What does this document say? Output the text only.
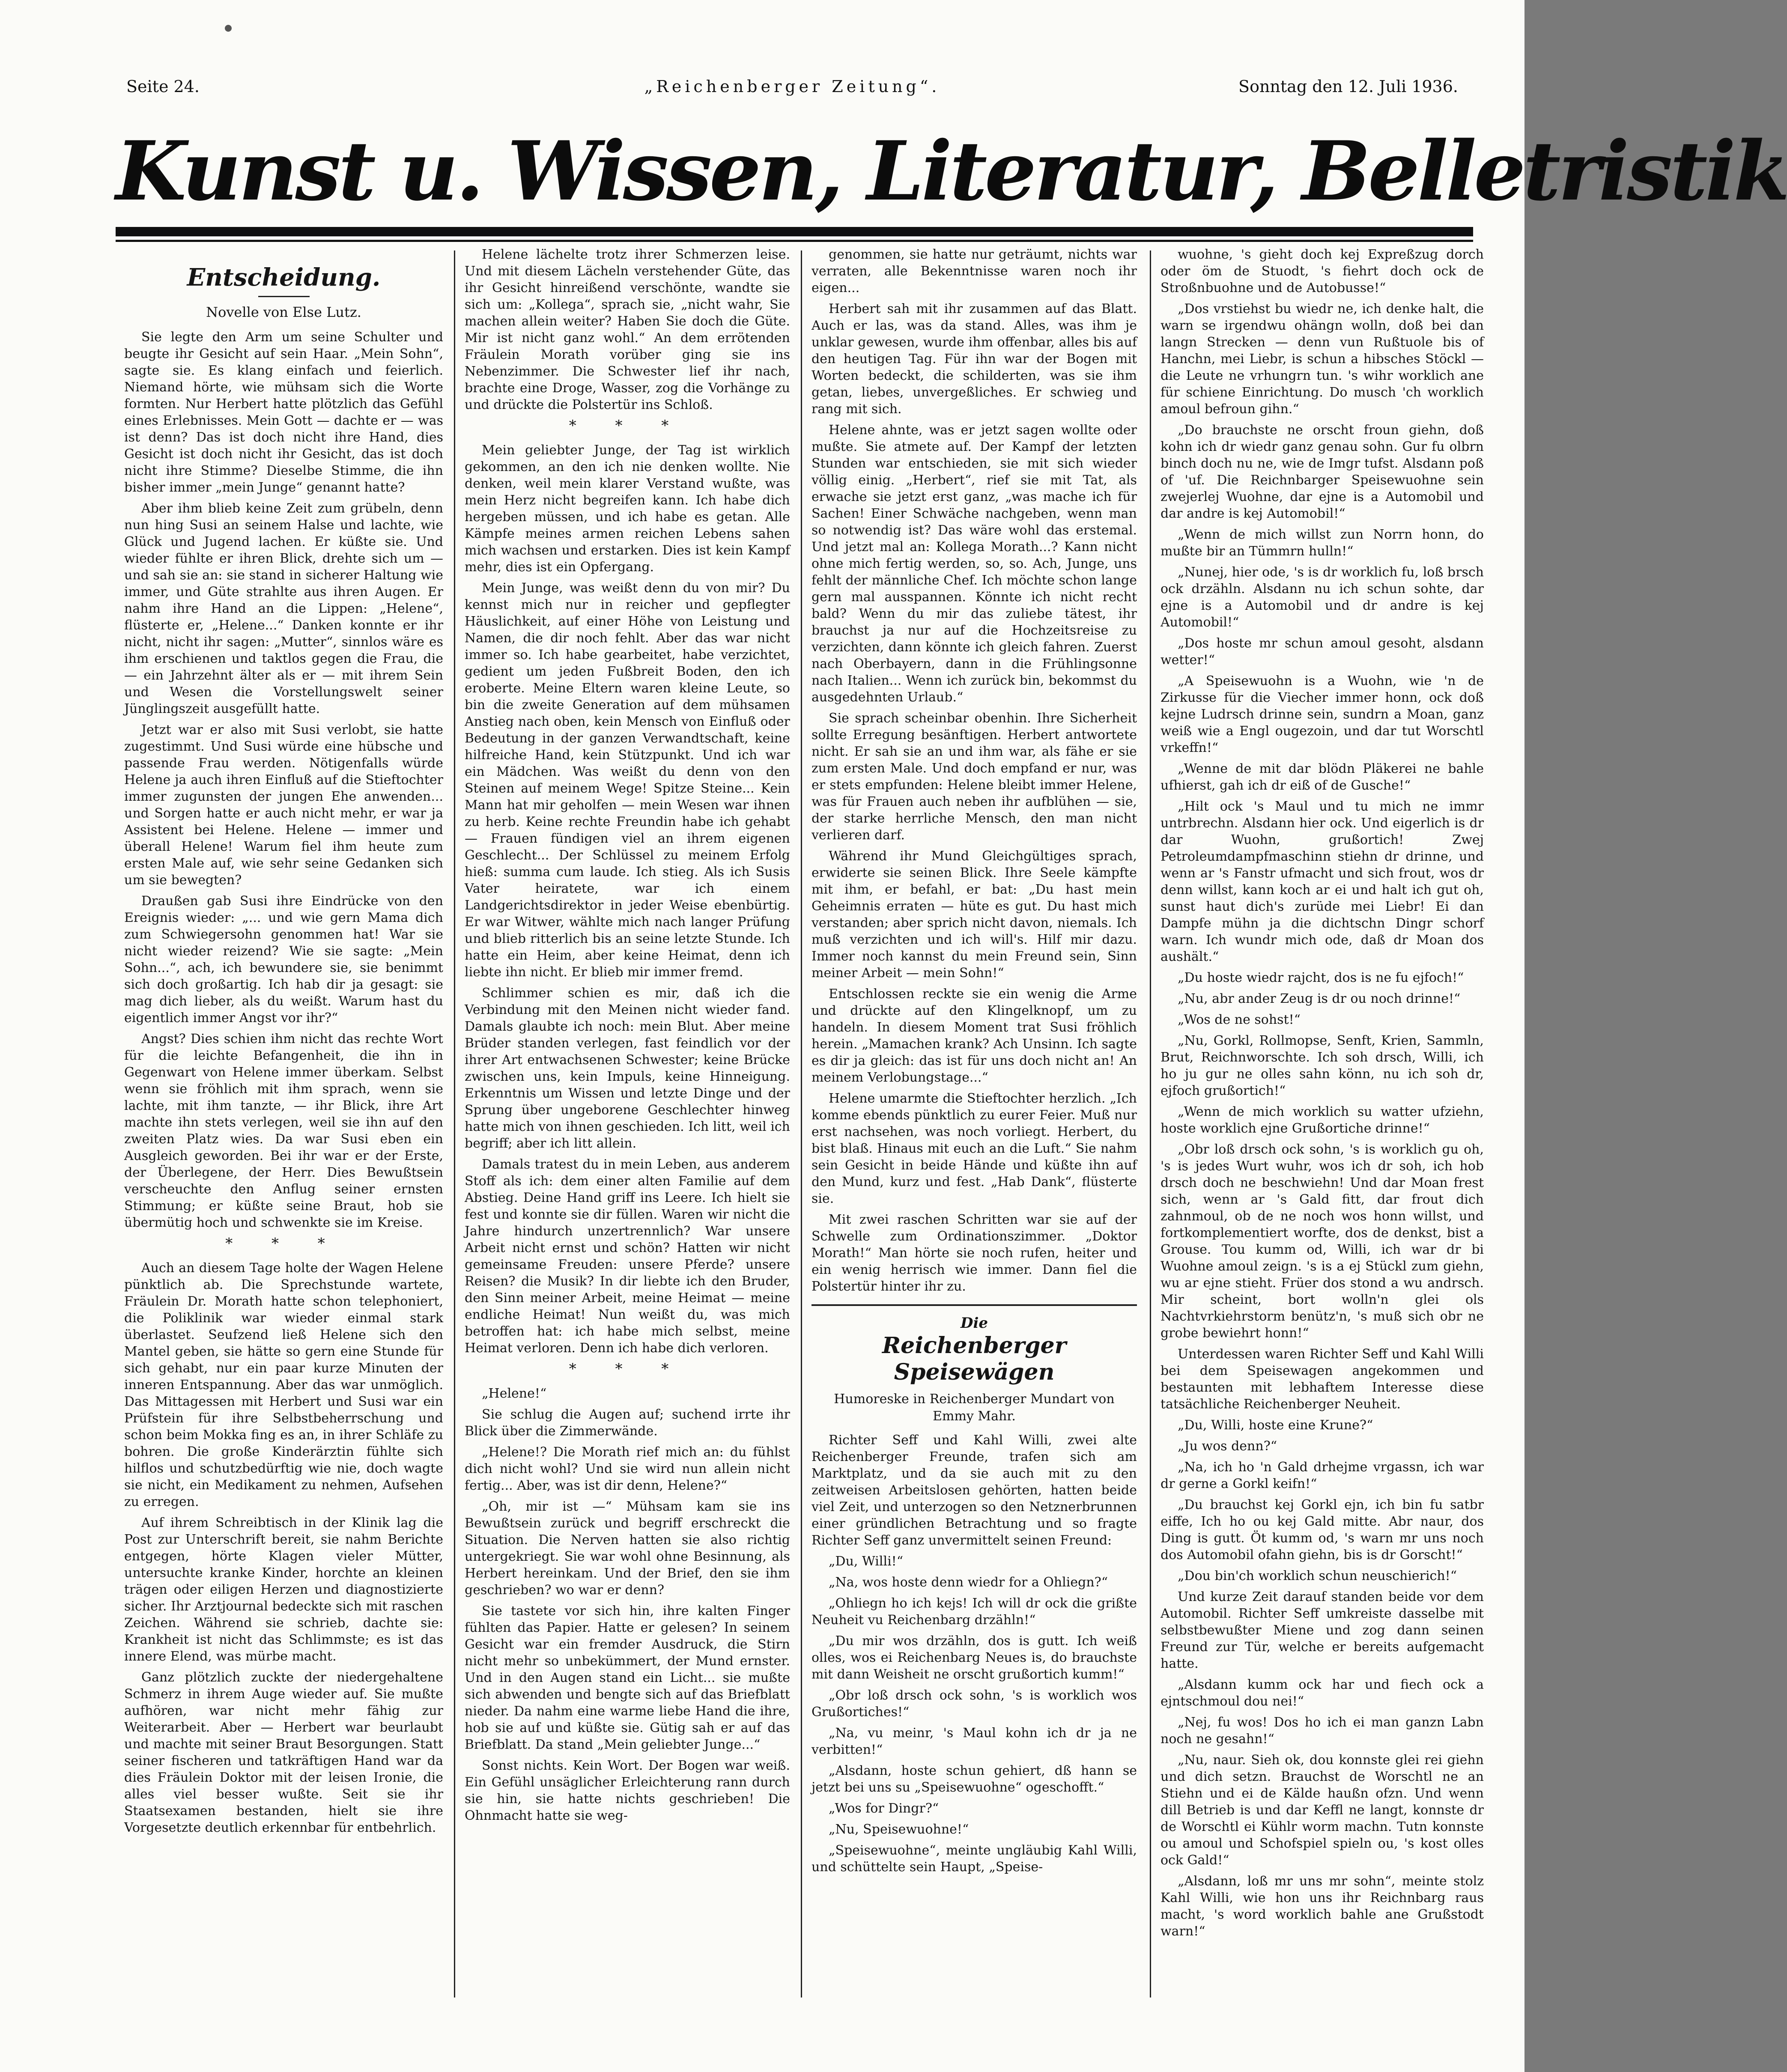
Seite 24.	„Reichenberger Zeitung“.	Sonntag den 12. Juli 1936.
Kunst u. Wissen, Literatur, Belletristik
Entscheidung.
Novelle von Else Lutz.

Sie legte den Arm um seine Schulter und beugte ihr Gesicht auf sein Haar. „Mein Sohn“, sagte sie. Es klang einfach und feierlich. Niemand hörte, wie mühsam sich die Worte formten. Nur Herbert hatte plötzlich das Gefühl eines Erlebnisses. Mein Gott — dachte er — was ist denn? Das ist doch nicht ihre Hand, dies Gesicht ist doch nicht ihr Gesicht, das ist doch nicht ihre Stimme? Dieselbe Stimme, die ihn bisher immer „mein Junge“ genannt hatte?

Aber ihm blieb keine Zeit zum grübeln, denn nun hing Susi an seinem Halse und lachte, wie Glück und Jugend lachen. Er küßte sie. Und wieder fühlte er ihren Blick, drehte sich um — und sah sie an: sie stand in sicherer Haltung wie immer, und Güte strahlte aus ihren Augen. Er nahm ihre Hand an die Lippen: „Helene“, flüsterte er, „Helene...“ Danken konnte er ihr nicht, nicht ihr sagen: „Mutter“, sinnlos wäre es ihm erschienen und taktlos gegen die Frau, die — ein Jahrzehnt älter als er — mit ihrem Sein und Wesen die Vorstellungswelt seiner Jünglingszeit ausgefüllt hatte.

Jetzt war er also mit Susi verlobt, sie hatte zugestimmt. Und Susi würde eine hübsche und passende Frau werden. Nötigenfalls würde Helene ja auch ihren Einfluß auf die Stieftochter immer zugunsten der jungen Ehe anwenden... und Sorgen hatte er auch nicht mehr, er war ja Assistent bei Helene. Helene — immer und überall Helene! Warum fiel ihm heute zum ersten Male auf, wie sehr seine Gedanken sich um sie bewegten?

Draußen gab Susi ihre Eindrücke von den Ereignis wieder: „... und wie gern Mama dich zum Schwiegersohn genommen hat! War sie nicht wieder reizend? Wie sie sagte: „Mein Sohn...“, ach, ich bewundere sie, sie benimmt sich doch großartig. Ich hab dir ja gesagt: sie mag dich lieber, als du weißt. Warum hast du eigentlich immer Angst vor ihr?“

Angst? Dies schien ihm nicht das rechte Wort für die leichte Befangenheit, die ihn in Gegenwart von Helene immer überkam. Selbst wenn sie fröhlich mit ihm sprach, wenn sie lachte, mit ihm tanzte, — ihr Blick, ihre Art machte ihn stets verlegen, weil sie ihn auf den zweiten Platz wies. Da war Susi eben ein Ausgleich geworden. Bei ihr war er der Erste, der Überlegene, der Herr. Dies Bewußtsein verscheuchte den Anflug seiner ernsten Stimmung; er küßte seine Braut, hob sie übermütig hoch und schwenkte sie im Kreise.

* * *

Auch an diesem Tage holte der Wagen Helene pünktlich ab. Die Sprechstunde wartete, Fräulein Dr. Morath hatte schon telephoniert, die Poliklinik war wieder einmal stark überlastet. Seufzend ließ Helene sich den Mantel geben, sie hätte so gern eine Stunde für sich gehabt, nur ein paar kurze Minuten der inneren Entspannung. Aber das war unmöglich. Das Mittagessen mit Herbert und Susi war ein Prüfstein für ihre Selbstbeherrschung und schon beim Mokka fing es an, in ihrer Schläfe zu bohren. Die große Kinderärztin fühlte sich hilflos und schutzbedürftig wie nie, doch wagte sie nicht, ein Medikament zu nehmen, Aufsehen zu erregen.

Auf ihrem Schreibtisch in der Klinik lag die Post zur Unterschrift bereit, sie nahm Berichte entgegen, hörte Klagen vieler Mütter, untersuchte kranke Kinder, horchte an kleinen trägen oder eiligen Herzen und diagnostizierte sicher. Ihr Arztjournal bedeckte sich mit raschen Zeichen. Während sie schrieb, dachte sie: Krankheit ist nicht das Schlimmste; es ist das innere Elend, was mürbe macht.

Ganz plötzlich zuckte der niedergehaltene Schmerz in ihrem Auge wieder auf. Sie mußte aufhören, war nicht mehr fähig zur Weiterarbeit. Aber — Herbert war beurlaubt und machte mit seiner Braut Besorgungen. Statt seiner fischeren und tatkräftigen Hand war da dies Fräulein Doktor mit der leisen Ironie, die alles viel besser wußte. Seit sie ihr Staatsexamen bestanden, hielt sie ihre Vorgesetzte deutlich erkennbar für entbehrlich.

Helene lächelte trotz ihrer Schmerzen leise. Und mit diesem Lächeln verstehender Güte, das ihr Gesicht hinreißend verschönte, wandte sie sich um: „Kollega“, sprach sie, „nicht wahr, Sie machen allein weiter? Haben Sie doch die Güte. Mir ist nicht ganz wohl.“ An dem errötenden Fräulein Morath vorüber ging sie ins Nebenzimmer. Die Schwester lief ihr nach, brachte eine Droge, Wasser, zog die Vorhänge zu und drückte die Polstertür ins Schloß.

* * *

Mein geliebter Junge, der Tag ist wirklich gekommen, an den ich nie denken wollte. Nie denken, weil mein klarer Verstand wußte, was mein Herz nicht begreifen kann. Ich habe dich hergeben müssen, und ich habe es getan. Alle Kämpfe meines armen reichen Lebens sahen mich wachsen und erstarken. Dies ist kein Kampf mehr, dies ist ein Opfergang.

Mein Junge, was weißt denn du von mir? Du kennst mich nur in reicher und gepflegter Häuslichkeit, auf einer Höhe von Leistung und Namen, die dir noch fehlt. Aber das war nicht immer so. Ich habe gearbeitet, habe verzichtet, gedient um jeden Fußbreit Boden, den ich eroberte. Meine Eltern waren kleine Leute, so bin die zweite Generation auf dem mühsamen Anstieg nach oben, kein Mensch von Einfluß oder Bedeutung in der ganzen Verwandtschaft, keine hilfreiche Hand, kein Stützpunkt. Und ich war ein Mädchen. Was weißt du denn von den Steinen auf meinem Wege! Spitze Steine... Kein Mann hat mir geholfen — mein Wesen war ihnen zu herb. Keine rechte Freundin habe ich gehabt — Frauen fündigen viel an ihrem eigenen Geschlecht... Der Schlüssel zu meinem Erfolg hieß: summa cum laude. Ich stieg. Als ich Susis Vater heiratete, war ich einem Landgerichtsdirektor in jeder Weise ebenbürtig. Er war Witwer, wählte mich nach langer Prüfung und blieb ritterlich bis an seine letzte Stunde. Ich hatte ein Heim, aber keine Heimat, denn ich liebte ihn nicht. Er blieb mir immer fremd.

Schlimmer schien es mir, daß ich die Verbindung mit den Meinen nicht wieder fand. Damals glaubte ich noch: mein Blut. Aber meine Brüder standen verlegen, fast feindlich vor der ihrer Art entwachsenen Schwester; keine Brücke zwischen uns, kein Impuls, keine Hinneigung. Erkenntnis um Wissen und letzte Dinge und der Sprung über ungeborene Geschlechter hinweg hatte mich von ihnen geschieden. Ich litt, weil ich begriff; aber ich litt allein.

Damals tratest du in mein Leben, aus anderem Stoff als ich: dem einer alten Familie auf dem Abstieg. Deine Hand griff ins Leere. Ich hielt sie fest und konnte sie dir füllen. Waren wir nicht die Jahre hindurch unzertrennlich? War unsere Arbeit nicht ernst und schön? Hatten wir nicht gemeinsame Freuden: unsere Pferde? unsere Reisen? die Musik? In dir liebte ich den Bruder, den Sinn meiner Arbeit, meine Heimat — meine endliche Heimat! Nun weißt du, was mich betroffen hat: ich habe mich selbst, meine Heimat verloren. Denn ich habe dich verloren.

* * *

„Helene!“

Sie schlug die Augen auf; suchend irrte ihr Blick über die Zimmerwände.

„Helene!? Die Morath rief mich an: du fühlst dich nicht wohl? Und sie wird nun allein nicht fertig... Aber, was ist dir denn, Helene?“

„Oh, mir ist —“ Mühsam kam sie ins Bewußtsein zurück und begriff erschreckt die Situation. Die Nerven hatten sie also richtig untergekriegt. Sie war wohl ohne Besinnung, als Herbert hereinkam. Und der Brief, den sie ihm geschrieben? wo war er denn?

Sie tastete vor sich hin, ihre kalten Finger fühlten das Papier. Hatte er gelesen? In seinem Gesicht war ein fremder Ausdruck, die Stirn nicht mehr so unbekümmert, der Mund ernster. Und in den Augen stand ein Licht... sie mußte sich abwenden und bengte sich auf das Briefblatt nieder. Da nahm eine warme liebe Hand die ihre, hob sie auf und küßte sie. Gütig sah er auf das Briefblatt. Da stand „Mein geliebter Junge...“

Sonst nichts. Kein Wort. Der Bogen war weiß. Ein Gefühl unsäglicher Erleichterung rann durch sie hin, sie hatte nichts geschrieben! Die Ohnmacht hatte sie weg-

genommen, sie hatte nur geträumt, nichts war verraten, alle Bekenntnisse waren noch ihr eigen...

Herbert sah mit ihr zusammen auf das Blatt. Auch er las, was da stand. Alles, was ihm je unklar gewesen, wurde ihm offenbar, alles bis auf den heutigen Tag. Für ihn war der Bogen mit Worten bedeckt, die schilderten, was sie ihm getan, liebes, unvergeßliches. Er schwieg und rang mit sich.

Helene ahnte, was er jetzt sagen wollte oder mußte. Sie atmete auf. Der Kampf der letzten Stunden war entschieden, sie mit sich wieder völlig einig. „Herbert“, rief sie mit Tat, als erwache sie jetzt erst ganz, „was mache ich für Sachen! Einer Schwäche nachgeben, wenn man so notwendig ist? Das wäre wohl das erstemal. Und jetzt mal an: Kollega Morath...? Kann nicht ohne mich fertig werden, so, so. Ach, Junge, uns fehlt der männliche Chef. Ich möchte schon lange gern mal ausspannen. Könnte ich nicht recht bald? Wenn du mir das zuliebe tätest, ihr brauchst ja nur auf die Hochzeitsreise zu verzichten, dann könnte ich gleich fahren. Zuerst nach Oberbayern, dann in die Frühlingsonne nach Italien... Wenn ich zurück bin, bekommst du ausgedehnten Urlaub.“

Sie sprach scheinbar obenhin. Ihre Sicherheit sollte Erregung besänftigen. Herbert antwortete nicht. Er sah sie an und ihm war, als fähe er sie zum ersten Male. Und doch empfand er nur, was er stets empfunden: Helene bleibt immer Helene, was für Frauen auch neben ihr aufblühen — sie, der starke herrliche Mensch, den man nicht verlieren darf.

Während ihr Mund Gleichgültiges sprach, erwiderte sie seinen Blick. Ihre Seele kämpfte mit ihm, er befahl, er bat: „Du hast mein Geheimnis erraten — hüte es gut. Du hast mich verstanden; aber sprich nicht davon, niemals. Ich muß verzichten und ich will's. Hilf mir dazu. Immer noch kannst du mein Freund sein, Sinn meiner Arbeit — mein Sohn!“

Entschlossen reckte sie ein wenig die Arme und drückte auf den Klingelknopf, um zu handeln. In diesem Moment trat Susi fröhlich herein. „Mamachen krank? Ach Unsinn. Ich sagte es dir ja gleich: das ist für uns doch nicht an! An meinem Verlobungstage...“

Helene umarmte die Stieftochter herzlich. „Ich komme ebends pünktlich zu eurer Feier. Muß nur erst nachsehen, was noch vorliegt. Herbert, du bist blaß. Hinaus mit euch an die Luft.“ Sie nahm sein Gesicht in beide Hände und küßte ihn auf den Mund, kurz und fest. „Hab Dank“, flüsterte sie.

Mit zwei raschen Schritten war sie auf der Schwelle zum Ordinationszimmer. „Doktor Morath!“ Man hörte sie noch rufen, heiter und ein wenig herrisch wie immer. Dann fiel die Polstertür hinter ihr zu.

Die
Reichenberger Speisewägen
Humoreske in Reichenberger Mundart von Emmy Mahr.

Richter Seff und Kahl Willi, zwei alte Reichenberger Freunde, trafen sich am Marktplatz, und da sie auch mit zu den zeitweisen Arbeitslosen gehörten, hatten beide viel Zeit, und unterzogen so den Netznerbrunnen einer gründlichen Betrachtung und so fragte Richter Seff ganz unvermittelt seinen Freund:

„Du, Willi!“

„Na, wos hoste denn wiedr for a Ohliegn?“

„Ohliegn ho ich kejs! Ich will dr ock die grißte Neuheit vu Reichenbarg drzähln!“

„Du mir wos drzähln, dos is gutt. Ich weiß olles, wos ei Reichenbarg Neues is, do brauchste mit dann Weisheit ne orscht grußortich kumm!“

„Obr loß drsch ock sohn, 's is worklich wos Grußortiches!“

„Na, vu meinr, 's Maul kohn ich dr ja ne verbitten!“

„Alsdann, hoste schun gehiert, dß hann se jetzt bei uns su „Speisewuohne“ ogeschofft.“

„Wos for Dingr?“

„Nu, Speisewuohne!“

„Speisewuohne“, meinte ungläubig Kahl Willi, und schüttelte sein Haupt, „Speise-

wuohne, 's gieht doch kej Expreßzug dorch oder öm de Stuodt, 's fiehrt doch ock de Stroßnbuohne und de Autobusse!“

„Dos vrstiehst bu wiedr ne, ich denke halt, die warn se irgendwu ohängn wolln, doß bei dan langn Strecken — denn vun Rußtuole bis of Hanchn, mei Liebr, is schun a hibsches Stöckl — die Leute ne vrhungrn tun. 's wihr worklich ane für schiene Einrichtung. Do musch 'ch worklich amoul befroun gihn.“

„Do brauchste ne orscht froun giehn, doß kohn ich dr wiedr ganz genau sohn. Gur fu olbrn binch doch nu ne, wie de Imgr tufst. Alsdann poß of 'uf. Die Reichnbarger Speisewuohne sein zwejerlej Wuohne, dar ejne is a Automobil und dar andre is kej Automobil!“

„Wenn de mich willst zun Norrn honn, do mußte bir an Tümmrn hulln!“

„Nunej, hier ode, 's is dr worklich fu, loß brsch ock drzähln. Alsdann nu ich schun sohte, dar ejne is a Automobil und dr andre is kej Automobil!“

„Dos hoste mr schun amoul gesoht, alsdann wetter!“

„A Speisewuohn is a Wuohn, wie 'n de Zirkusse für die Viecher immer honn, ock doß kejne Ludrsch drinne sein, sundrn a Moan, ganz weiß wie a Engl ougezoin, und dar tut Worschtl vrkeffn!“

„Wenne de mit dar blödn Pläkerei ne bahle ufhierst, gah ich dr eiß of de Gusche!“

„Hilt ock 's Maul und tu mich ne immr untrbrechn. Alsdann hier ock. Und eigerlich is dr dar Wuohn, grußortich! Zwej Petroleumdampfmaschinn stiehn dr drinne, und wenn ar 's Fanstr ufmacht und sich frout, wos dr denn willst, kann koch ar ei und halt ich gut oh, sunst haut dich's zurüde mei Liebr! Ei dan Dampfe mühn ja die dichtschn Dingr schorf warn. Ich wundr mich ode, daß dr Moan dos aushält.“

„Du hoste wiedr rajcht, dos is ne fu ejfoch!“

„Nu, abr ander Zeug is dr ou noch drinne!“

„Wos de ne sohst!“

„Nu, Gorkl, Rollmopse, Senft, Krien, Sammln, Brut, Reichnworschte. Ich soh drsch, Willi, ich ho ju gur ne olles sahn könn, nu ich soh dr, ejfoch grußortich!“

„Wenn de mich worklich su watter ufziehn, hoste worklich ejne Grußortiche drinne!“

„Obr loß drsch ock sohn, 's is worklich gu oh, 's is jedes Wurt wuhr, wos ich dr soh, ich hob drsch doch ne beschwiehn! Und dar Moan frest sich, wenn ar 's Gald fitt, dar frout dich zahnmoul, ob de ne noch wos honn willst, und fortkomplementiert worfte, dos de denkst, bist a Grouse. Tou kumm od, Willi, ich war dr bi Wuohne amoul zeign. 's is a ej Stückl zum giehn, wu ar ejne stieht. Früer dos stond a wu andrsch. Mir scheint, bort wolln'n glei ols Nachtvrkiehrstorm benütz'n, 's muß sich obr ne grobe bewiehrt honn!“

Unterdessen waren Richter Seff und Kahl Willi bei dem Speisewagen angekommen und bestaunten mit lebhaftem Interesse diese tatsächliche Reichenberger Neuheit.

„Du, Willi, hoste eine Krune?“

„Ju wos denn?“

„Na, ich ho 'n Gald drhejme vrgassn, ich war dr gerne a Gorkl keifn!“

„Du brauchst kej Gorkl ejn, ich bin fu satbr eiffe, Ich ho ou kej Gald mitte. Abr naur, dos Ding is gutt. Öt kumm od, 's warn mr uns noch dos Automobil ofahn giehn, bis is dr Gorscht!“

„Dou bin'ch worklich schun neuschierich!“

Und kurze Zeit darauf standen beide vor dem Automobil. Richter Seff umkreiste dasselbe mit selbstbewußter Miene und zog dann seinen Freund zur Tür, welche er bereits aufgemacht hatte.

„Alsdann kumm ock har und fiech ock a ejntschmoul dou nei!“

„Nej, fu wos! Dos ho ich ei man ganzn Labn noch ne gesahn!“

„Nu, naur. Sieh ok, dou konnste glei rei giehn und dich setzn. Brauchst de Worschtl ne an Stiehn und ei de Kälde haußn ofzn. Und wenn dill Betrieb is und dar Keffl ne langt, konnste dr de Worschtl ei Kühlr worm machn. Tutn konnste ou amoul und Schofspiel spieln ou, 's kost olles ock Gald!“

„Alsdann, loß mr uns mr sohn“, meinte stolz Kahl Willi, wie hon uns ihr Reichnbarg raus macht, 's word worklich bahle ane Grußstodt warn!“
